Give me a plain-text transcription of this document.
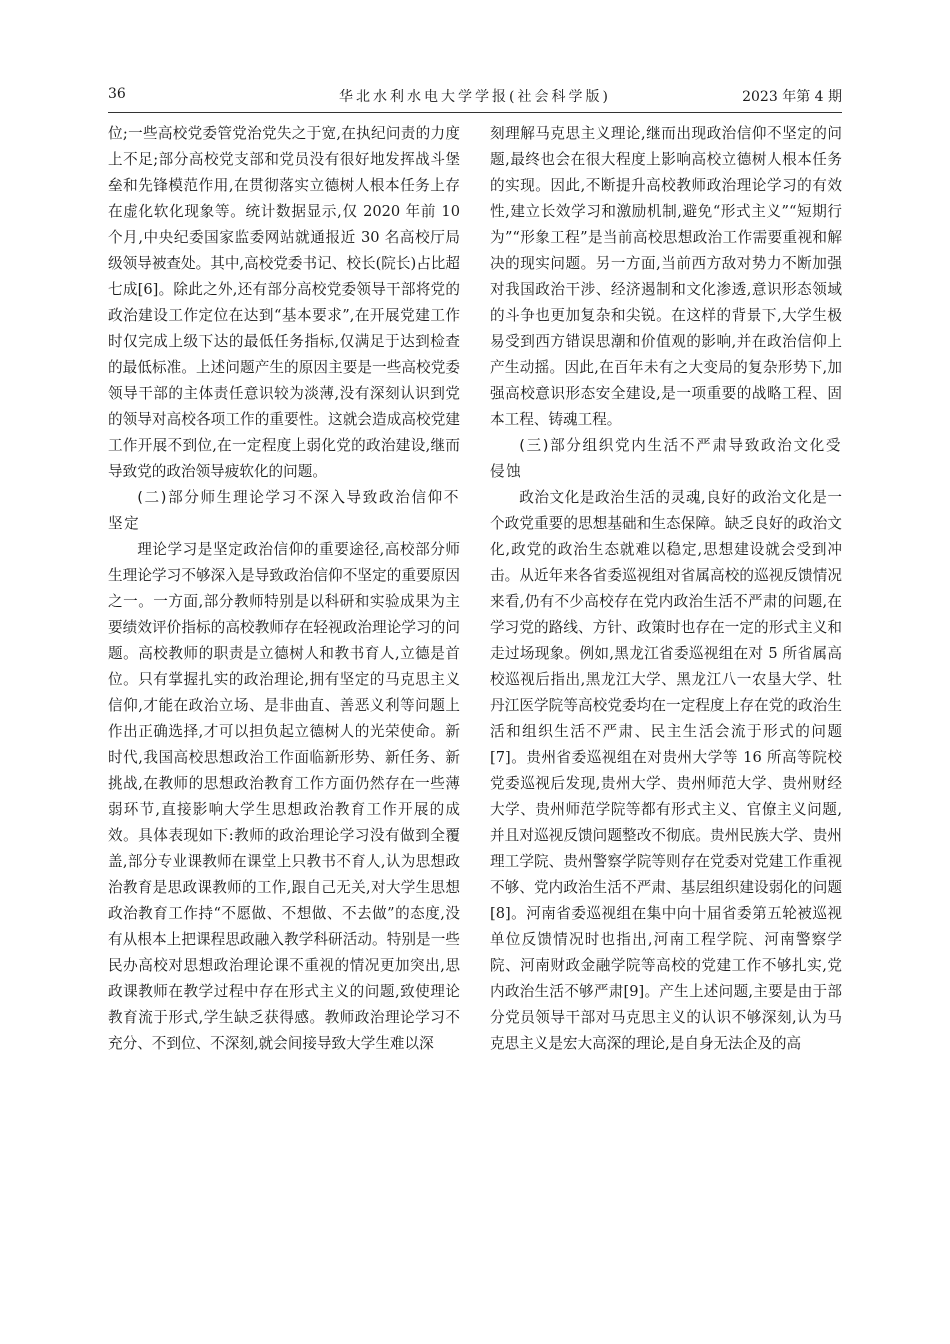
36	华北水利水电大学学报(社会科学版)	2023 年第 4 期

位;一些高校党委管党治党失之于宽,在执纪问责的力度上不足;部分高校党支部和党员没有很好地发挥战斗堡垒和先锋模范作用,在贯彻落实立德树人根本任务上存在虚化软化现象等。统计数据显示,仅 2020 年前 10 个月,中央纪委国家监委网站就通报近 30 名高校厅局级领导被查处。其中,高校党委书记、校长(院长)占比超七成[6]。除此之外,还有部分高校党委领导干部将党的政治建设工作定位在达到“基本要求”,在开展党建工作时仅完成上级下达的最低任务指标,仅满足于达到检查的最低标准。上述问题产生的原因主要是一些高校党委领导干部的主体责任意识较为淡薄,没有深刻认识到党的领导对高校各项工作的重要性。这就会造成高校党建工作开展不到位,在一定程度上弱化党的政治建设,继而导致党的政治领导疲软化的问题。

(二)部分师生理论学习不深入导致政治信仰不坚定

理论学习是坚定政治信仰的重要途径,高校部分师生理论学习不够深入是导致政治信仰不坚定的重要原因之一。一方面,部分教师特别是以科研和实验成果为主要绩效评价指标的高校教师存在轻视政治理论学习的问题。高校教师的职责是立德树人和教书育人,立德是首位。只有掌握扎实的政治理论,拥有坚定的马克思主义信仰,才能在政治立场、是非曲直、善恶义利等问题上作出正确选择,才可以担负起立德树人的光荣使命。新时代,我国高校思想政治工作面临新形势、新任务、新挑战,在教师的思想政治教育工作方面仍然存在一些薄弱环节,直接影响大学生思想政治教育工作开展的成效。具体表现如下:教师的政治理论学习没有做到全覆盖,部分专业课教师在课堂上只教书不育人,认为思想政治教育是思政课教师的工作,跟自己无关,对大学生思想政治教育工作持“不愿做、不想做、不去做”的态度,没有从根本上把课程思政融入教学科研活动。特别是一些民办高校对思想政治理论课不重视的情况更加突出,思政课教师在教学过程中存在形式主义的问题,致使理论教育流于形式,学生缺乏获得感。教师政治理论学习不充分、不到位、不深刻,就会间接导致大学生难以深

刻理解马克思主义理论,继而出现政治信仰不坚定的问题,最终也会在很大程度上影响高校立德树人根本任务的实现。因此,不断提升高校教师政治理论学习的有效性,建立长效学习和激励机制,避免“形式主义”“短期行为”“形象工程”是当前高校思想政治工作需要重视和解决的现实问题。另一方面,当前西方敌对势力不断加强对我国政治干涉、经济遏制和文化渗透,意识形态领域的斗争也更加复杂和尖锐。在这样的背景下,大学生极易受到西方错误思潮和价值观的影响,并在政治信仰上产生动摇。因此,在百年未有之大变局的复杂形势下,加强高校意识形态安全建设,是一项重要的战略工程、固本工程、铸魂工程。

(三)部分组织党内生活不严肃导致政治文化受侵蚀

政治文化是政治生活的灵魂,良好的政治文化是一个政党重要的思想基础和生态保障。缺乏良好的政治文化,政党的政治生态就难以稳定,思想建设就会受到冲击。从近年来各省委巡视组对省属高校的巡视反馈情况来看,仍有不少高校存在党内政治生活不严肃的问题,在学习党的路线、方针、政策时也存在一定的形式主义和走过场现象。例如,黑龙江省委巡视组在对 5 所省属高校巡视后指出,黑龙江大学、黑龙江八一农垦大学、牡丹江医学院等高校党委均在一定程度上存在党的政治生活和组织生活不严肃、民主生活会流于形式的问题[7]。贵州省委巡视组在对贵州大学等 16 所高等院校党委巡视后发现,贵州大学、贵州师范大学、贵州财经大学、贵州师范学院等都有形式主义、官僚主义问题,并且对巡视反馈问题整改不彻底。贵州民族大学、贵州理工学院、贵州警察学院等则存在党委对党建工作重视不够、党内政治生活不严肃、基层组织建设弱化的问题[8]。河南省委巡视组在集中向十届省委第五轮被巡视单位反馈情况时也指出,河南工程学院、河南警察学院、河南财政金融学院等高校的党建工作不够扎实,党内政治生活不够严肃[9]。产生上述问题,主要是由于部分党员领导干部对马克思主义的认识不够深刻,认为马克思主义是宏大高深的理论,是自身无法企及的高
